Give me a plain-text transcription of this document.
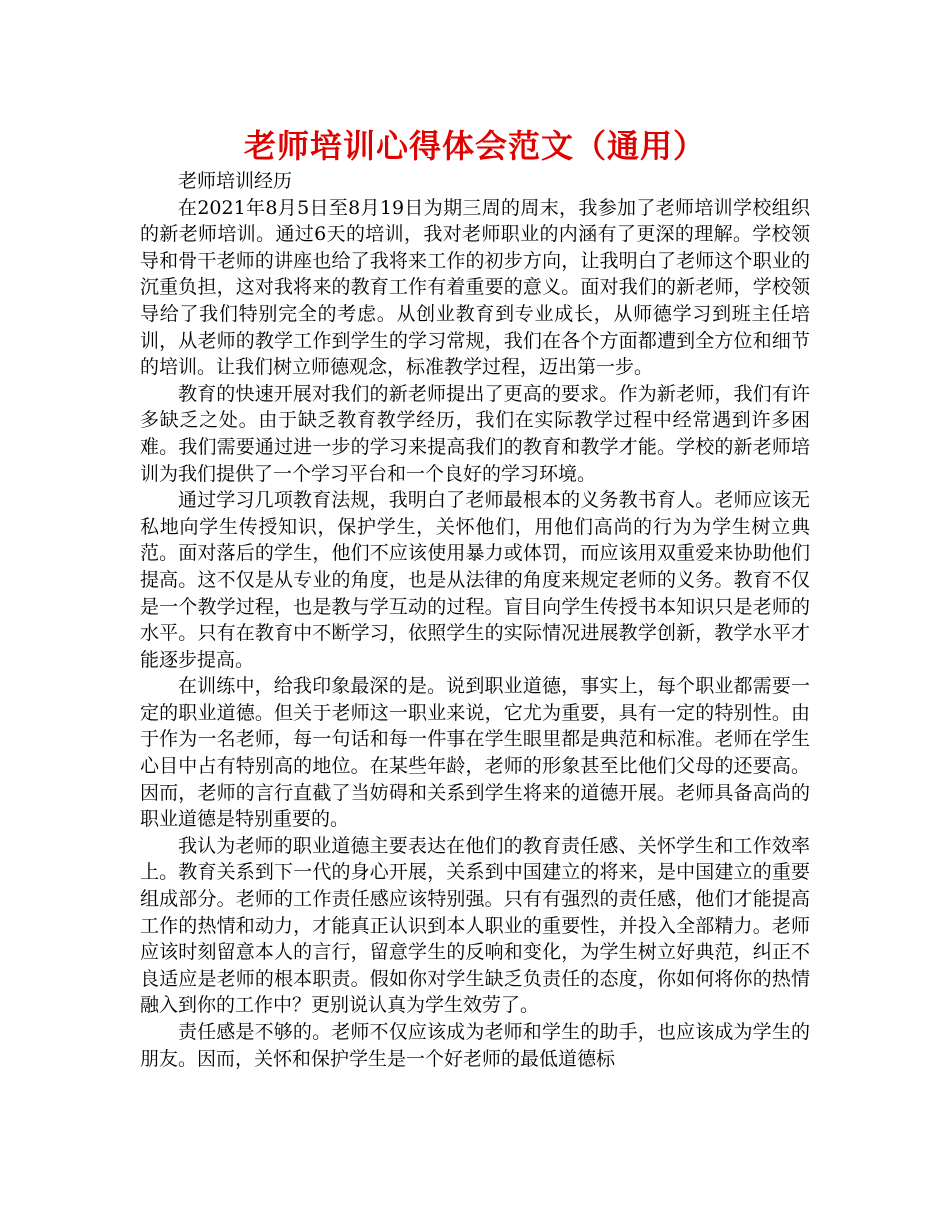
老师培训心得体会范文（通用）

老师培训经历

在2021年8月5日至8月19日为期三周的周末，我参加了老师培训学校组织的新老师培训。通过6天的培训，我对老师职业的内涵有了更深的理解。学校领导和骨干老师的讲座也给了我将来工作的初步方向，让我明白了老师这个职业的沉重负担，这对我将来的教育工作有着重要的意义。面对我们的新老师，学校领导给了我们特别完全的考虑。从创业教育到专业成长，从师德学习到班主任培训，从老师的教学工作到学生的学习常规，我们在各个方面都遭到全方位和细节的培训。让我们树立师德观念，标准教学过程，迈出第一步。

教育的快速开展对我们的新老师提出了更高的要求。作为新老师，我们有许多缺乏之处。由于缺乏教育教学经历，我们在实际教学过程中经常遇到许多困难。我们需要通过进一步的学习来提高我们的教育和教学才能。学校的新老师培训为我们提供了一个学习平台和一个良好的学习环境。

通过学习几项教育法规，我明白了老师最根本的义务教书育人。老师应该无私地向学生传授知识，保护学生，关怀他们，用他们高尚的行为为学生树立典范。面对落后的学生，他们不应该使用暴力或体罚，而应该用双重爱来协助他们提高。这不仅是从专业的角度，也是从法律的角度来规定老师的义务。教育不仅是一个教学过程，也是教与学互动的过程。盲目向学生传授书本知识只是老师的水平。只有在教育中不断学习，依照学生的实际情况进展教学创新，教学水平才能逐步提高。

在训练中，给我印象最深的是。说到职业道德，事实上，每个职业都需要一定的职业道德。但关于老师这一职业来说，它尤为重要，具有一定的特别性。由于作为一名老师，每一句话和每一件事在学生眼里都是典范和标准。老师在学生心目中占有特别高的地位。在某些年龄，老师的形象甚至比他们父母的还要高。因而，老师的言行直截了当妨碍和关系到学生将来的道德开展。老师具备高尚的职业道德是特别重要的。

我认为老师的职业道德主要表达在他们的教育责任感、关怀学生和工作效率上。教育关系到下一代的身心开展，关系到中国建立的将来，是中国建立的重要组成部分。老师的工作责任感应该特别强。只有有强烈的责任感，他们才能提高工作的热情和动力，才能真正认识到本人职业的重要性，并投入全部精力。老师应该时刻留意本人的言行，留意学生的反响和变化，为学生树立好典范，纠正不良适应是老师的根本职责。假如你对学生缺乏负责任的态度，你如何将你的热情融入到你的工作中？更别说认真为学生效劳了。

责任感是不够的。老师不仅应该成为老师和学生的助手，也应该成为学生的朋友。因而，关怀和保护学生是一个好老师的最低道德标
